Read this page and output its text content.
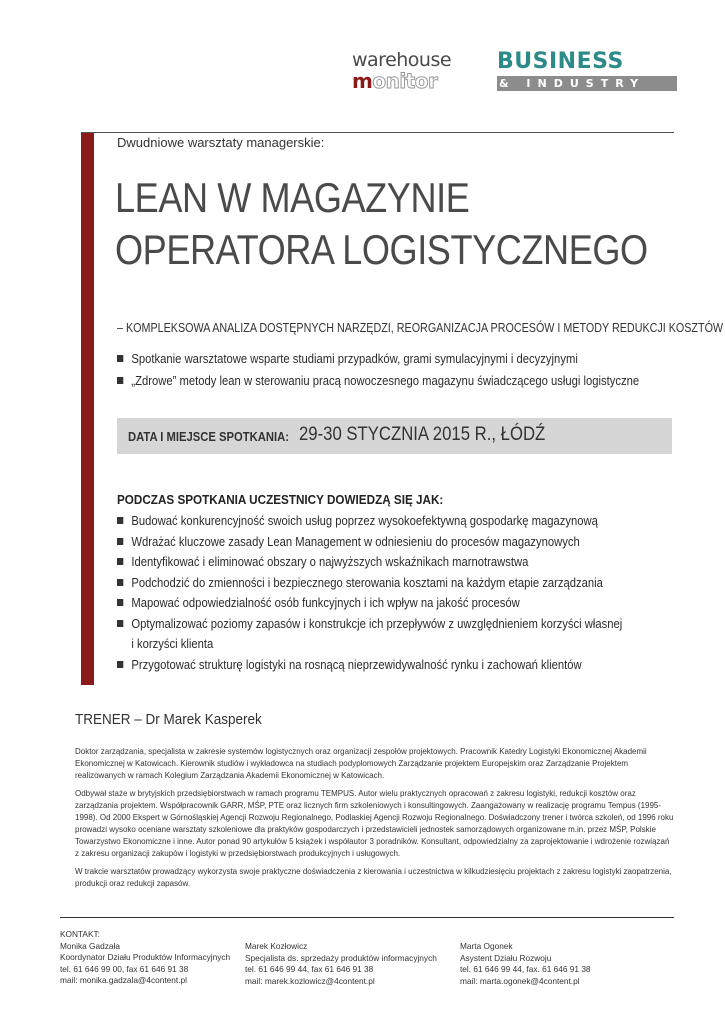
warehouse
monitor
BUSINESS
& INDUSTRY
Dwudniowe warsztaty managerskie:
LEAN W MAGAZYNIE
OPERATORA LOGISTYCZNEGO
– KOMPLEKSOWA ANALIZA DOSTĘPNYCH NARZĘDZI, REORGANIZACJA PROCESÓW I METODY REDUKCJI KOSZTÓW
Spotkanie warsztatowe wsparte studiami przypadków, grami symulacyjnymi i decyzyjnymi
„Zdrowe” metody lean w sterowaniu pracą nowoczesnego magazynu świadczącego usługi logistyczne
DATA I MIEJSCE SPOTKANIA: 29-30 STYCZNIA 2015 R., ŁÓDŹ
PODCZAS SPOTKANIA UCZESTNICY DOWIEDZĄ SIĘ JAK:
Budować konkurencyjność swoich usług poprzez wysokoefektywną gospodarkę magazynową
Wdrażać kluczowe zasady Lean Management w odniesieniu do procesów magazynowych
Identyfikować i eliminować obszary o najwyższych wskaźnikach marnotrawstwa
Podchodzić do zmienności i bezpiecznego sterowania kosztami na każdym etapie zarządzania
Mapować odpowiedzialność osób funkcyjnych i ich wpływ na jakość procesów
Optymalizować poziomy zapasów i konstrukcje ich przepływów z uwzględnieniem korzyści własnej
i korzyści klienta
Przygotować strukturę logistyki na rosnącą nieprzewidywalność rynku i zachowań klientów
TRENER – Dr Marek Kasperek

Doktor zarządzania, specjalista w zakresie systemów logistycznych oraz organizacji zespołów projektowych. Pracownik Katedry Logistyki Ekonomicznej Akademii Ekonomicznej w Katowicach. Kierownik studiów i wykładowca na studiach podyplomowych Zarządzanie projektem Europejskim oraz Zarządzanie Projektem realizowanych w ramach Kolegium Zarządzania Akademii Ekonomicznej w Katowicach.

Odbywał staże w brytyjskich przedsiębiorstwach w ramach programu TEMPUS. Autor wielu praktycznych opracowań z zakresu logistyki, redukcji kosztów oraz zarządzania projektem. Współpracownik GARR, MŚP, PTE oraz licznych firm szkoleniowych i konsultingowych. Zaangażowany w realizację programu Tempus (1995-1998). Od 2000 Ekspert w Górnośląskiej Agencji Rozwoju Regionalnego, Podlaskiej Agencji Rozwoju Regionalnego. Doświadczony trener i twórca szkoleń, od 1996 roku prowadzi wysoko oceniane warsztaty szkoleniowe dla praktyków gospodarczych i przedstawicieli jednostek samorządowych organizowane m.in. przez MŚP, Polskie Towarzystwo Ekonomiczne i inne. Autor ponad 90 artykułów 5 książek i współautor 3 poradników. Konsultant, odpowiedzialny za zaprojektowanie i wdrożenie rozwiązań z zakresu organizacji zakupów i logistyki w przedsiębiorstwach produkcyjnych i usługowych.

W trakcie warsztatów prowadzący wykorzysta swoje praktyczne doświadczenia z kierowania i uczestnictwa w kilkudziesięciu projektach z zakresu logistyki zaopatrzenia, produkcji oraz redukcji zapasów.

KONTAKT:
Monika Gadzała
Koordynator Działu Produktów Informacyjnych
tel. 61 646 99 00, fax 61 646 91 38
mail: monika.gadzala@4content.pl
Marek Kozłowicz
Specjalista ds. sprzedaży produktów informacyjnych
tel. 61 646 99 44, fax 61 646 91 38
mail: marek.kozlowicz@4content.pl
Marta Ogonek
Asystent Działu Rozwoju
tel. 61 646 99 44, fax. 61 646 91 38
mail: marta.ogonek@4content.pl
